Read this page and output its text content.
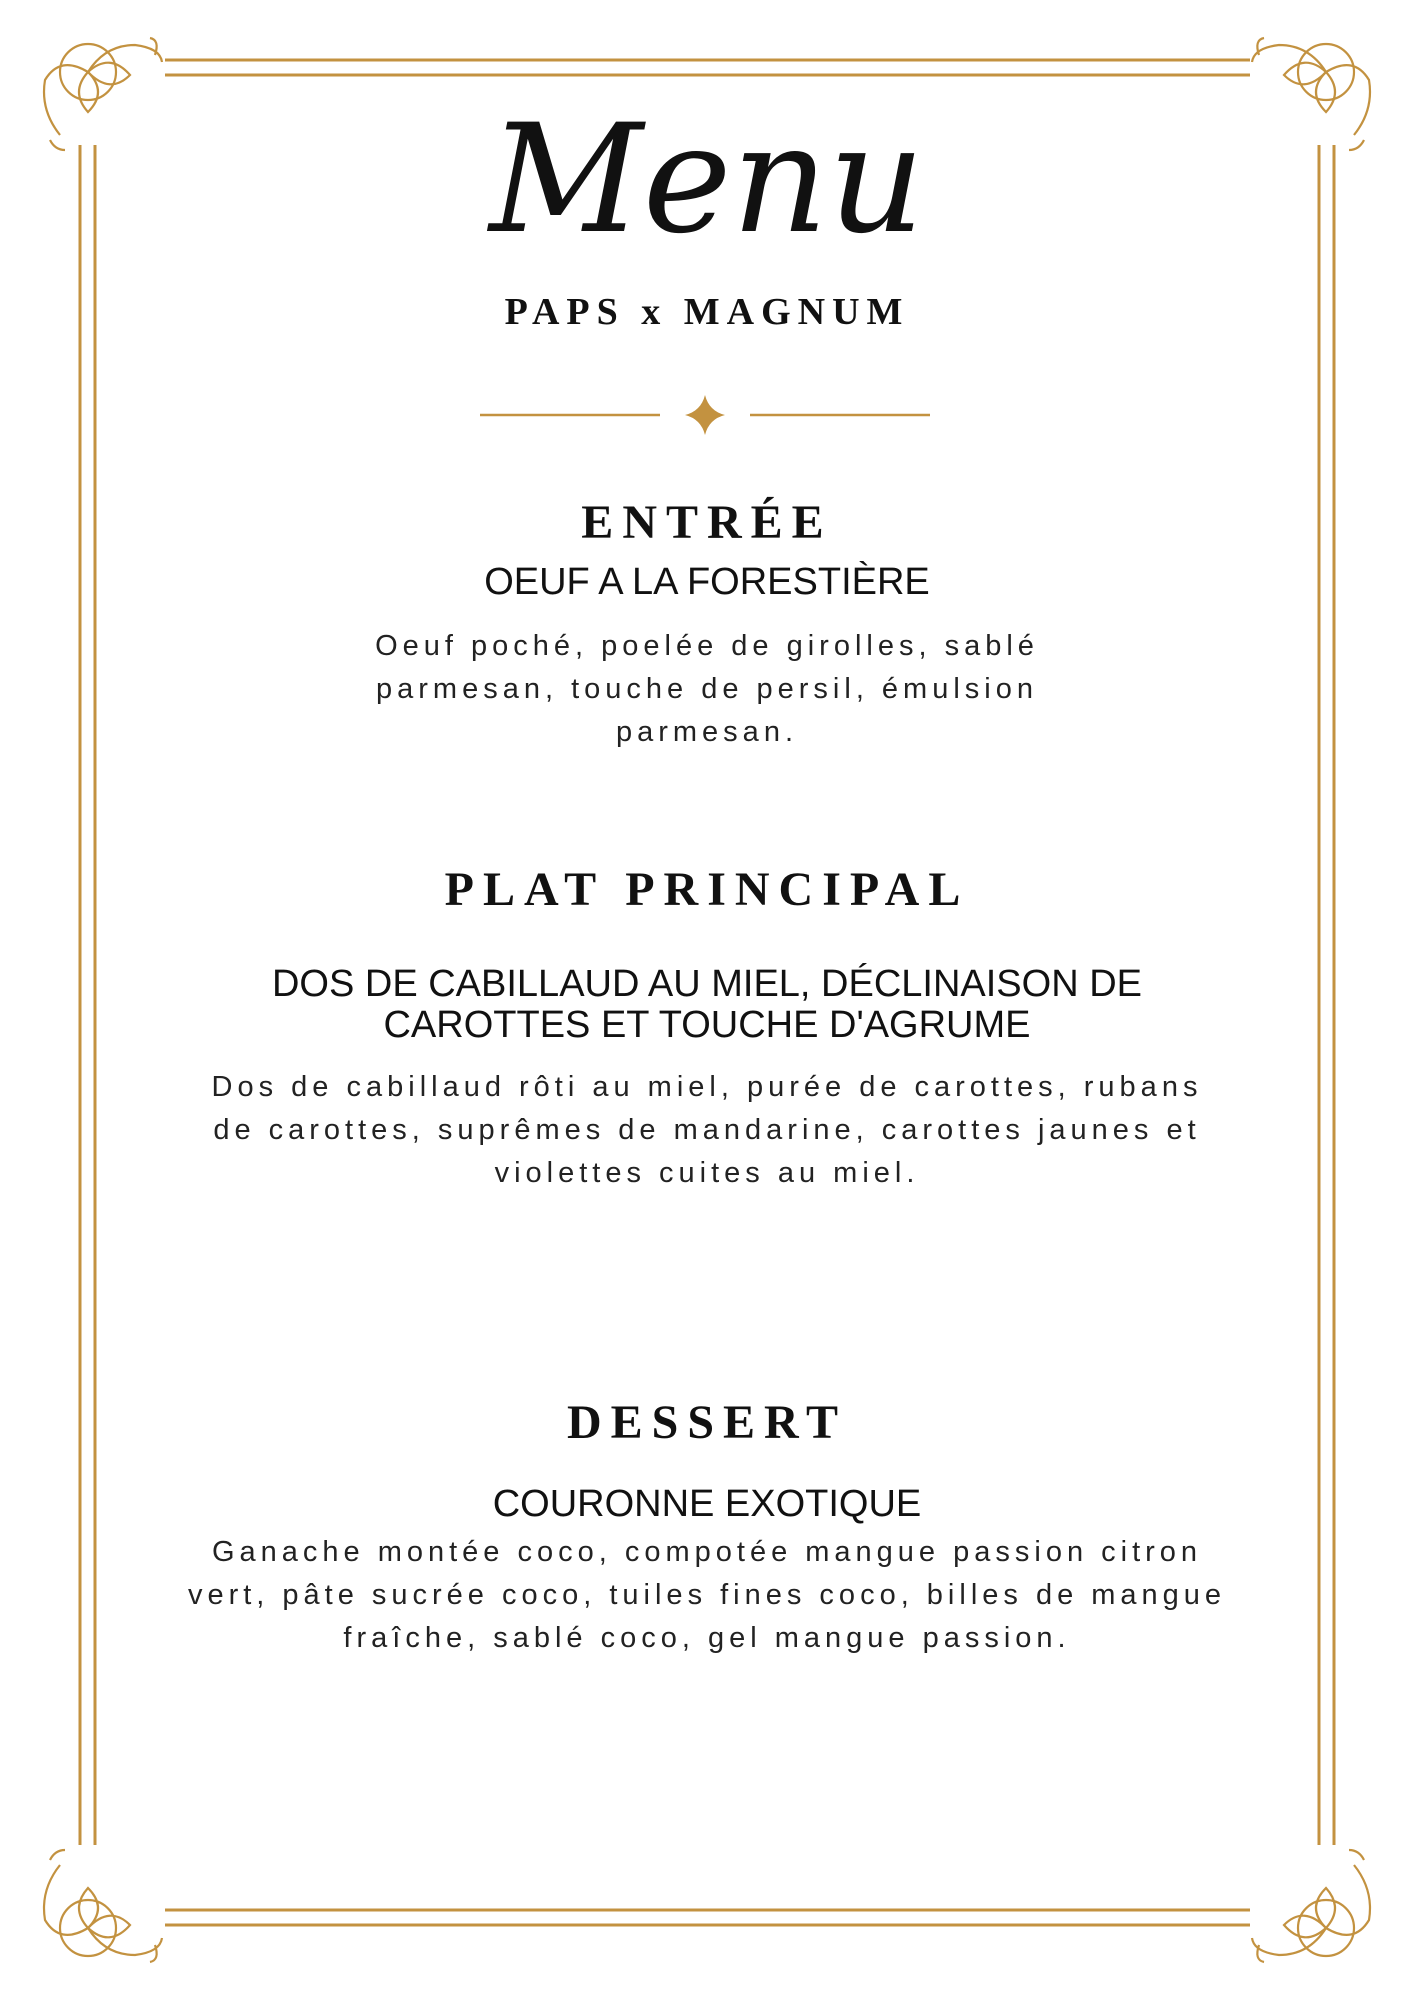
Menu
PAPS x MAGNUM
ENTRÉE
OEUF A LA FORESTIÈRE
Oeuf poché, poelée de girolles, sablé parmesan, touche de persil, émulsion parmesan.
PLAT PRINCIPAL
DOS DE CABILLAUD AU MIEL, DÉCLINAISON DE CAROTTES ET TOUCHE D'AGRUME
Dos de cabillaud rôti au miel, purée de carottes, rubans de carottes, suprêmes de mandarine, carottes jaunes et violettes cuites au miel.
DESSERT
COURONNE EXOTIQUE
Ganache montée coco, compotée mangue passion citron vert, pâte sucrée coco, tuiles fines coco, billes de mangue fraîche, sablé coco, gel mangue passion.
